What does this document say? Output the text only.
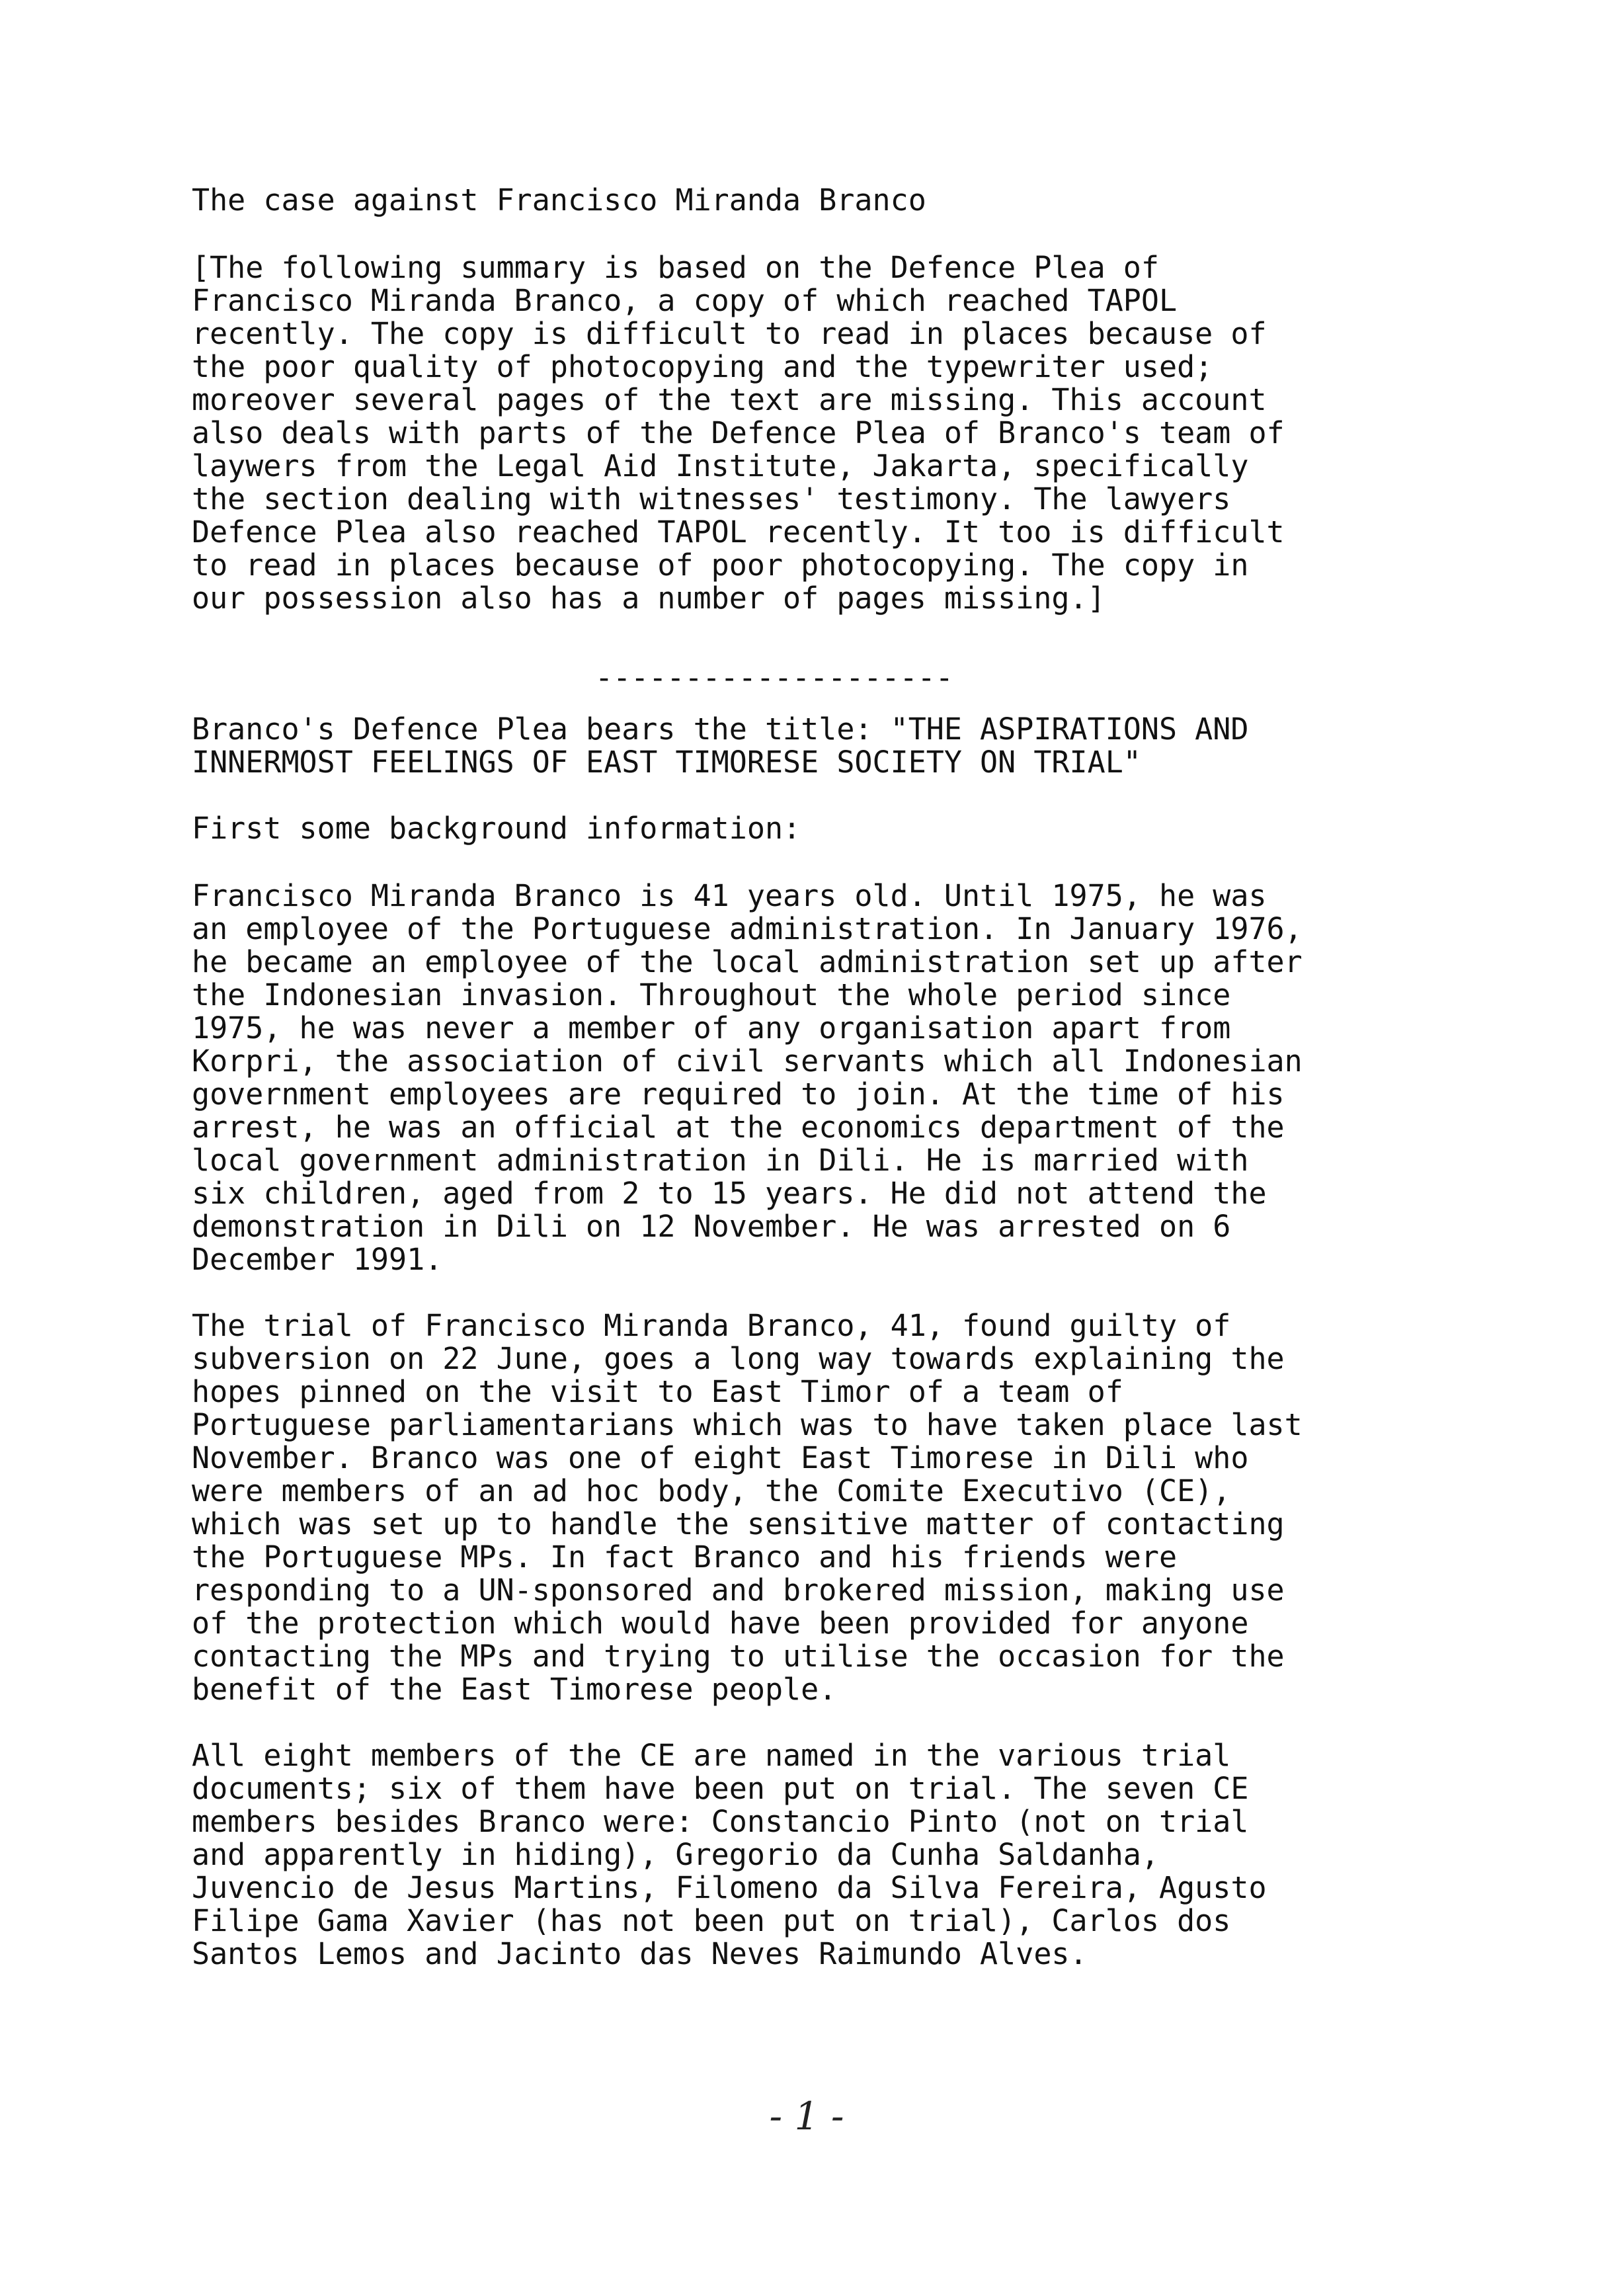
The case against Francisco Miranda Branco

[The following summary is based on the Defence Plea of
Francisco Miranda Branco, a copy of which reached TAPOL
recently. The copy is difficult to read in places because of
the poor quality of photocopying and the typewriter used;
moreover several pages of the text are missing. This account
also deals with parts of the Defence Plea of Branco's team of
laywers from the Legal Aid Institute, Jakarta, specifically
the section dealing with witnesses' testimony. The lawyers
Defence Plea also reached TAPOL recently. It too is difficult
to read in places because of poor photocopying. The copy in
our possession also has a number of pages missing.]

--------------------

Branco's Defence Plea bears the title: "THE ASPIRATIONS AND
INNERMOST FEELINGS OF EAST TIMORESE SOCIETY ON TRIAL"

First some background information:

Francisco Miranda Branco is 41 years old. Until 1975, he was
an employee of the Portuguese administration. In January 1976,
he became an employee of the local administration set up after
the Indonesian invasion. Throughout the whole period since
1975, he was never a member of any organisation apart from
Korpri, the association of civil servants which all Indonesian
government employees are required to join. At the time of his
arrest, he was an official at the economics department of the
local government administration in Dili. He is married with
six children, aged from 2 to 15 years. He did not attend the
demonstration in Dili on 12 November. He was arrested on 6
December 1991.

The trial of Francisco Miranda Branco, 41, found guilty of
subversion on 22 June, goes a long way towards explaining the
hopes pinned on the visit to East Timor of a team of
Portuguese parliamentarians which was to have taken place last
November. Branco was one of eight East Timorese in Dili who
were members of an ad hoc body, the Comite Executivo (CE),
which was set up to handle the sensitive matter of contacting
the Portuguese MPs. In fact Branco and his friends were
responding to a UN-sponsored and brokered mission, making use
of the protection which would have been provided for anyone
contacting the MPs and trying to utilise the occasion for the
benefit of the East Timorese people.

All eight members of the CE are named in the various trial
documents; six of them have been put on trial. The seven CE
members besides Branco were: Constancio Pinto (not on trial
and apparently in hiding), Gregorio da Cunha Saldanha,
Juvencio de Jesus Martins, Filomeno da Silva Fereira, Agusto
Filipe Gama Xavier (has not been put on trial), Carlos dos
Santos Lemos and Jacinto das Neves Raimundo Alves.

- 1 -
